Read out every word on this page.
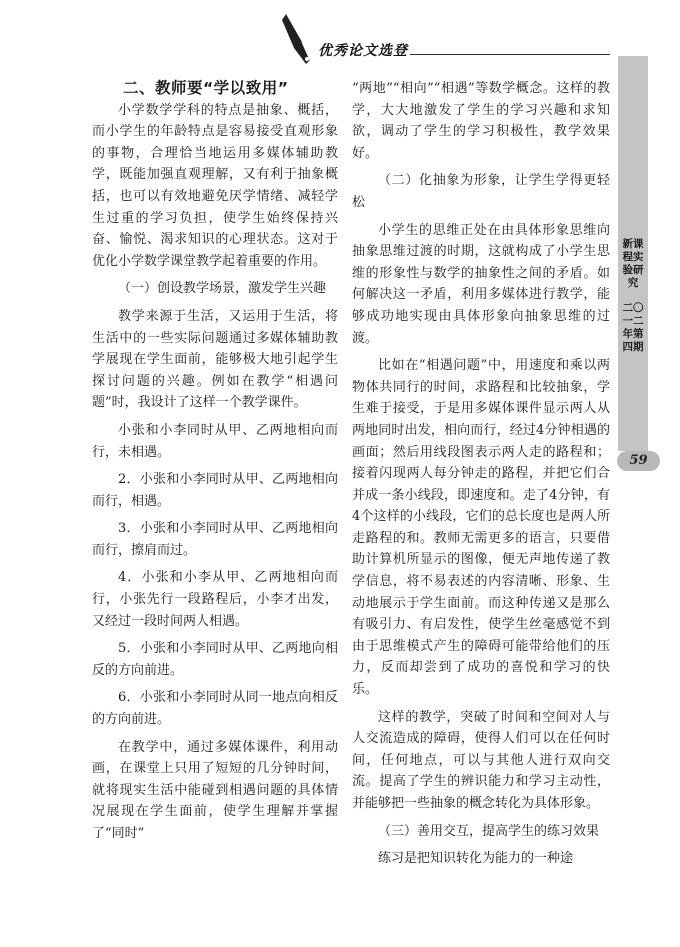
优秀论文选登
新课程实验研究
二〇一二年第四期
59

二、教师要“学以致用”

小学数学学科的特点是抽象、概括，而小学生的年龄特点是容易接受直观形象的事物，合理恰当地运用多媒体辅助教学，既能加强直观理解，又有利于抽象概括，也可以有效地避免厌学情绪、减轻学生过重的学习负担，使学生始终保持兴奋、愉悦、渴求知识的心理状态。这对于优化小学数学课堂教学起着重要的作用。

（一）创设教学场景，激发学生兴趣

教学来源于生活，又运用于生活，将生活中的一些实际问题通过多媒体辅助教学展现在学生面前，能够极大地引起学生探讨问题的兴趣。例如在教学“相遇问题”时，我设计了这样一个教学课件。

小张和小李同时从甲、乙两地相向而行，未相遇。

2．小张和小李同时从甲、乙两地相向而行，相遇。

3．小张和小李同时从甲、乙两地相向而行，擦肩而过。

4．小张和小李从甲、乙两地相向而行，小张先行一段路程后，小李才出发，又经过一段时间两人相遇。

5．小张和小李同时从甲、乙两地向相反的方向前进。

6．小张和小李同时从同一地点向相反的方向前进。

在教学中，通过多媒体课件，利用动画，在课堂上只用了短短的几分钟时间，就将现实生活中能碰到相遇问题的具体情况展现在学生面前，使学生理解并掌握了“同时”

“两地”“相向”“相遇”等数学概念。这样的教学，大大地激发了学生的学习兴趣和求知欲，调动了学生的学习积极性，教学效果好。

（二）化抽象为形象，让学生学得更轻松

小学生的思维正处在由具体形象思维向抽象思维过渡的时期，这就构成了小学生思维的形象性与数学的抽象性之间的矛盾。如何解决这一矛盾，利用多媒体进行教学，能够成功地实现由具体形象向抽象思维的过渡。

比如在“相遇问题”中，用速度和乘以两物体共同行的时间，求路程和比较抽象，学生难于接受，于是用多媒体课件显示两人从两地同时出发，相向而行，经过4分钟相遇的画面；然后用线段图表示两人走的路程和；接着闪现两人每分钟走的路程，并把它们合并成一条小线段，即速度和。走了4分钟，有4个这样的小线段，它们的总长度也是两人所走路程的和。教师无需更多的语言，只要借助计算机所显示的图像，便无声地传递了教学信息，将不易表述的内容清晰、形象、生动地展示于学生面前。而这种传递又是那么有吸引力、有启发性，使学生丝毫感觉不到由于思维模式产生的障碍可能带给他们的压力，反而却尝到了成功的喜悦和学习的快乐。

这样的教学，突破了时间和空间对人与人交流造成的障碍，使得人们可以在任何时间，任何地点，可以与其他人进行双向交流。提高了学生的辨识能力和学习主动性，并能够把一些抽象的概念转化为具体形象。

（三）善用交互，提高学生的练习效果

练习是把知识转化为能力的一种途
